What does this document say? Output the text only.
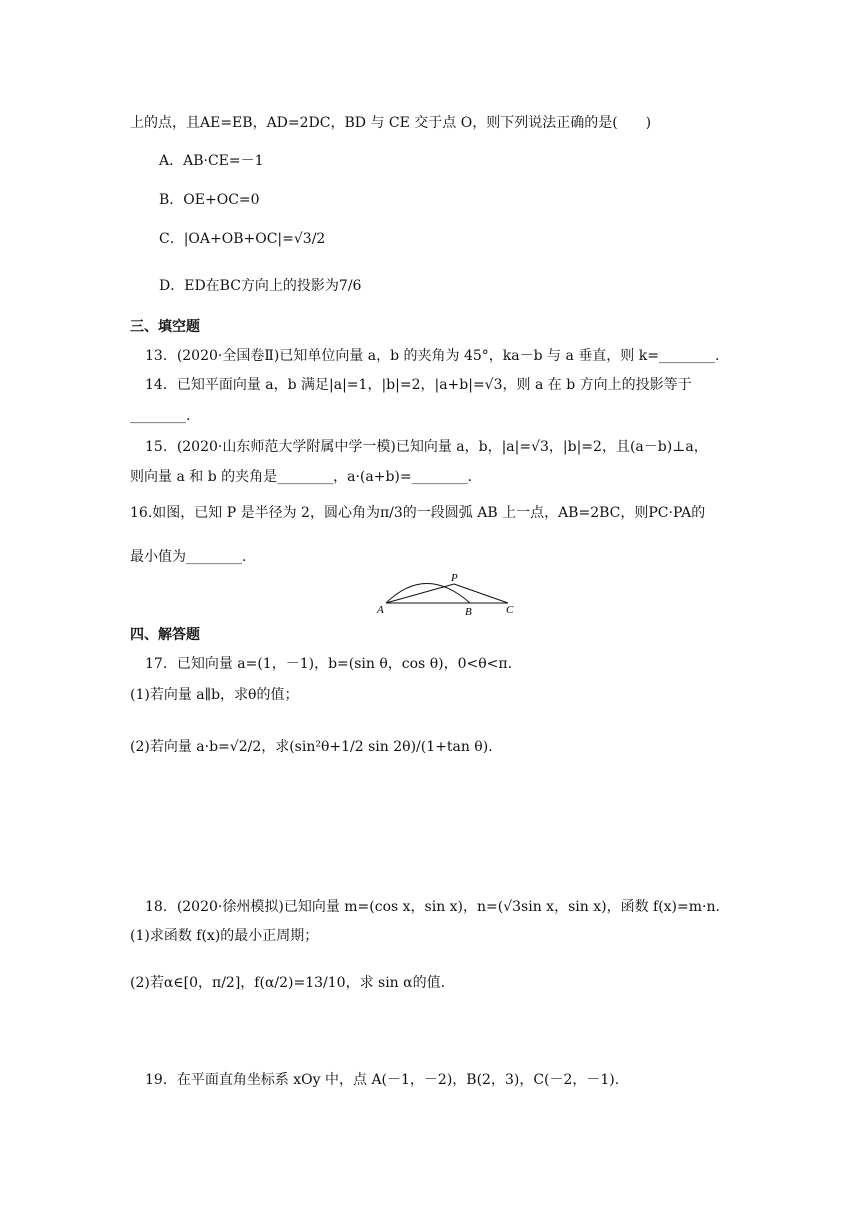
上的点，且AE=EB，AD=2DC，BD 与 CE 交于点 O，则下列说法正确的是(　　)
A．AB·CE=－1
B．OE+OC=0
C．|OA+OB+OC|=√3/2
D．ED在BC方向上的投影为7/6
三、填空题
13．(2020·全国卷Ⅱ)已知单位向量 a，b 的夹角为 45°，ka－b 与 a 垂直，则 k=________.
14．已知平面向量 a，b 满足|a|=1，|b|=2，|a+b|=√3，则 a 在 b 方向上的投影等于
________.
15．(2020·山东师范大学附属中学一模)已知向量 a，b，|a|=√3，|b|=2，且(a－b)⊥a，
则向量 a 和 b 的夹角是________，a·(a+b)=________.
16.如图，已知 P 是半径为 2，圆心角为π/3的一段圆弧 AB 上一点，AB=2BC，则PC·PA的
最小值为________.
A
P
B	C
四、解答题
17．已知向量 a=(1，－1)，b=(sin θ，cos θ)，0<θ<π.
(1)若向量 a∥b，求θ的值；
(2)若向量 a·b=√2/2，求(sin²θ+1/2 sin 2θ)/(1+tan θ).
18．(2020·徐州模拟)已知向量 m=(cos x，sin x)，n=(√3sin x，sin x)，函数 f(x)=m·n.
(1)求函数 f(x)的最小正周期；
(2)若α∈[0，π/2]，f(α/2)=13/10，求 sin α的值.
19．在平面直角坐标系 xOy 中，点 A(－1，－2)，B(2，3)，C(－2，－1).
